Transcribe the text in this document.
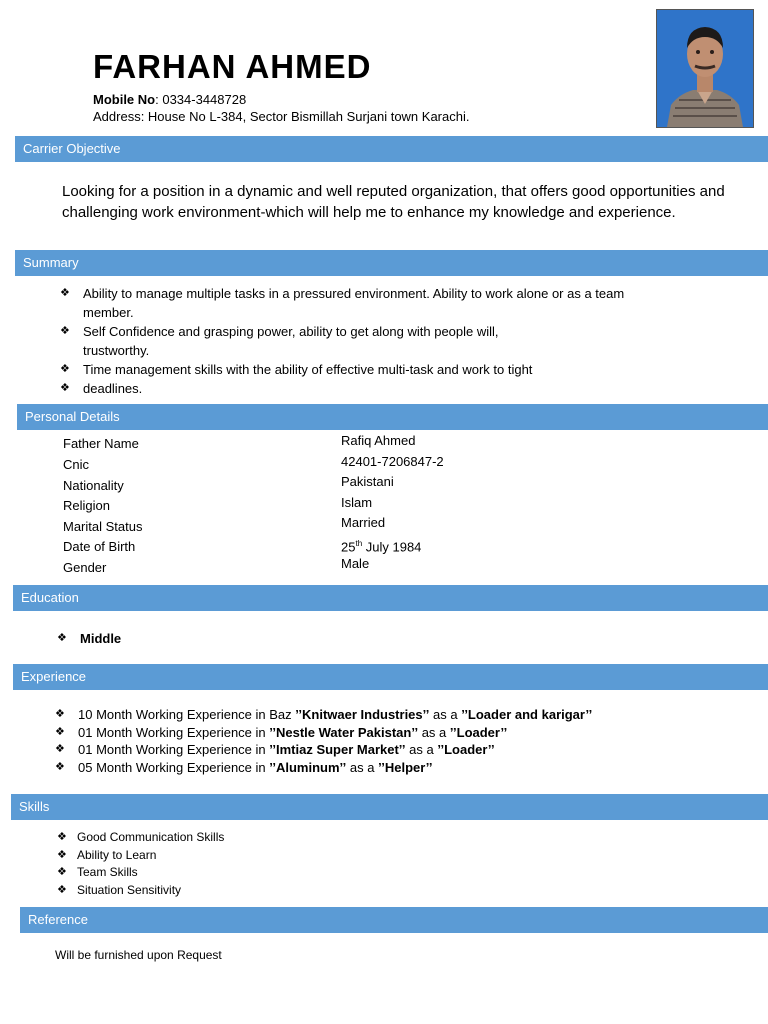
FARHAN AHMED
Mobile No: 0334-3448728
Address: House No L-384, Sector Bismillah Surjani town Karachi.
Carrier Objective

Looking for a position in a dynamic and well reputed organization, that offers good opportunities and challenging work environment-which will help me to enhance my knowledge and experience.

Summary
❖	Ability to manage multiple tasks in a pressured environment. Ability to work alone or as a team
member.
❖	Self Confidence and grasping power, ability to get along with people will,
trustworthy.
❖	Time management skills with the ability of effective multi-task and work to tight
❖	deadlines.
Personal Details
Father Name	Rafiq Ahmed
Cnic	42401-7206847-2
Nationality	Pakistani
Religion	Islam
Marital Status	Married
Date of Birth	25th July 1984
Gender	Male
Education
❖	Middle
Experience
❖	10 Month Working Experience in Baz ’’Knitwaer Industries’’ as a ’’Loader and karigar’’
❖	01 Month Working Experience in ’’Nestle Water Pakistan’’ as a ’’Loader’’
❖	01 Month Working Experience in ’’Imtiaz Super Market’’ as a ’’Loader’’
❖	05 Month Working Experience in ’’Aluminum’’ as a ’’Helper’’
Skills
❖ Good Communication Skills
❖ Ability to Learn
❖ Team Skills
❖ Situation Sensitivity
Reference
Will be furnished upon Request
